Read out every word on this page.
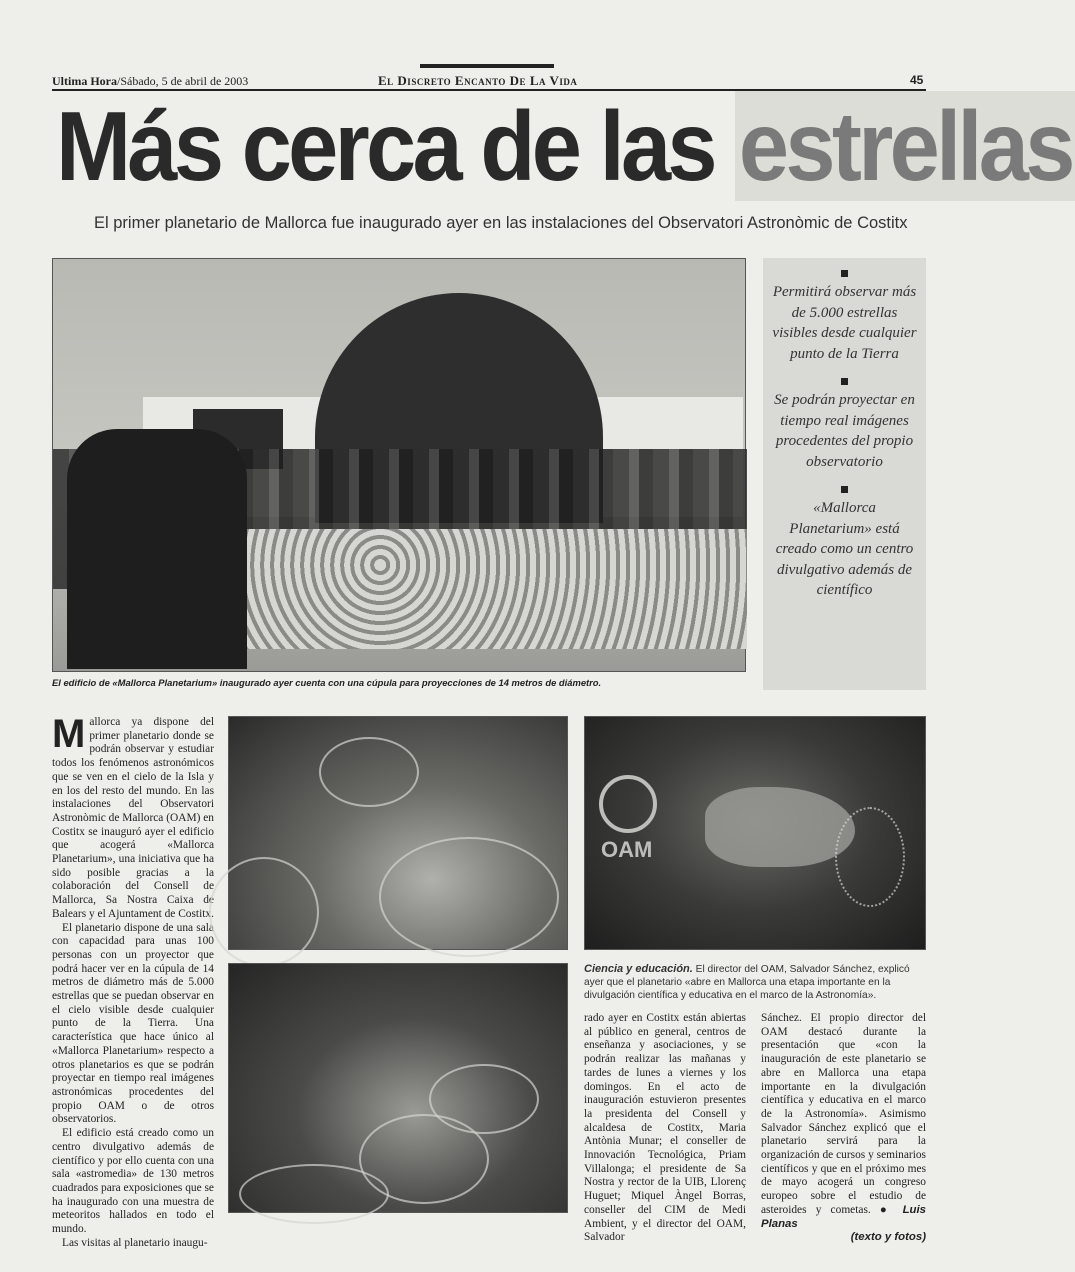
Ultima Hora/Sábado, 5 de abril de 2003	El Discreto Encanto De La Vida	45
Más cerca de las estrellas
El primer planetario de Mallorca fue inaugurado ayer en las instalaciones del Observatori Astronòmic de Costitx
El edificio de «Mallorca Planetarium» inaugurado ayer cuenta con una cúpula para proyecciones de 14 metros de diámetro.
Permitirá observar más de 5.000 estrellas visibles desde cualquier punto de la Tierra
Se podrán proyectar en tiempo real imágenes procedentes del propio observatorio
«Mallorca Planetarium» está creado como un centro divulgativo además de científico

Mallorca ya dispone del primer planetario donde se podrán observar y estudiar todos los fenómenos astronómicos que se ven en el cielo de la Isla y en los del resto del mundo. En las instalaciones del Observatori Astronòmic de Mallorca (OAM) en Costitx se inauguró ayer el edificio que acogerá «Mallorca Planetarium», una iniciativa que ha sido posible gracias a la colaboración del Consell de Mallorca, Sa Nostra Caixa de Balears y el Ajuntament de Costitx.

El planetario dispone de una sala con capacidad para unas 100 personas con un proyector que podrá hacer ver en la cúpula de 14 metros de diámetro más de 5.000 estrellas que se puedan observar en el cielo visible desde cualquier punto de la Tierra. Una característica que hace único al «Mallorca Planetarium» respecto a otros planetarios es que se podrán proyectar en tiempo real imágenes astronómicas procedentes del propio OAM o de otros observatorios.

El edificio está creado como un centro divulgativo además de científico y por ello cuenta con una sala «astromedia» de 130 metros cuadrados para exposiciones que se ha inaugurado con una muestra de meteoritos hallados en todo el mundo.

Las visitas al planetario inaugu-

OAM
Ciencia y educación. El director del OAM, Salvador Sánchez, explicó ayer que el planetario «abre en Mallorca una etapa importante en la divulgación científica y educativa en el marco de la Astronomía».

rado ayer en Costitx están abiertas al público en general, centros de enseñanza y asociaciones, y se podrán realizar las mañanas y tardes de lunes a viernes y los domingos. En el acto de inauguración estuvieron presentes la presidenta del Consell y alcaldesa de Costitx, Maria Antònia Munar; el conseller de Innovación Tecnológica, Priam Villalonga; el presidente de Sa Nostra y rector de la UIB, Llorenç Huguet; Miquel Àngel Borras, conseller del CIM de Medi Ambient, y el director del OAM, Salvador

Sánchez. El propio director del OAM destacó durante la presentación que «con la inauguración de este planetario se abre en Mallorca una etapa importante en la divulgación científica y educativa en el marco de la Astronomía». Asimismo Salvador Sánchez explicó que el planetario servirá para la organización de cursos y seminarios científicos y que en el próximo mes de mayo acogerá un congreso europeo sobre el estudio de asteroides y cometas. ● Luis Planas

(texto y fotos)
